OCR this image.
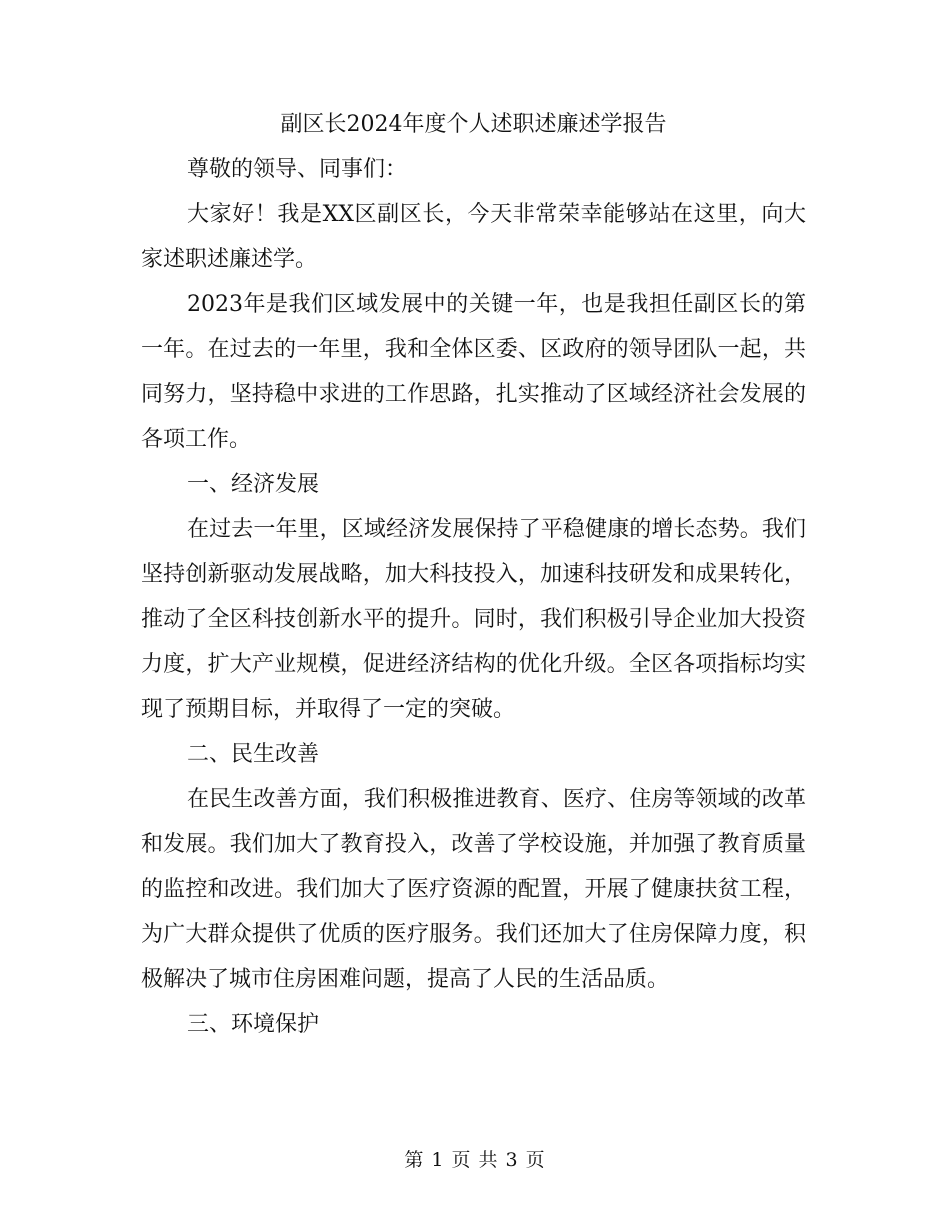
副区长2024年度个人述职述廉述学报告

尊敬的领导、同事们：

大家好！我是XX区副区长，今天非常荣幸能够站在这里，向大家述职述廉述学。

2023年是我们区域发展中的关键一年，也是我担任副区长的第一年。在过去的一年里，我和全体区委、区政府的领导团队一起，共同努力，坚持稳中求进的工作思路，扎实推动了区域经济社会发展的各项工作。

一、经济发展

在过去一年里，区域经济发展保持了平稳健康的增长态势。我们坚持创新驱动发展战略，加大科技投入，加速科技研发和成果转化，推动了全区科技创新水平的提升。同时，我们积极引导企业加大投资力度，扩大产业规模，促进经济结构的优化升级。全区各项指标均实现了预期目标，并取得了一定的突破。

二、民生改善

在民生改善方面，我们积极推进教育、医疗、住房等领域的改革和发展。我们加大了教育投入，改善了学校设施，并加强了教育质量的监控和改进。我们加大了医疗资源的配置，开展了健康扶贫工程，为广大群众提供了优质的医疗服务。我们还加大了住房保障力度，积极解决了城市住房困难问题，提高了人民的生活品质。

三、环境保护

第 1 页 共 3 页
